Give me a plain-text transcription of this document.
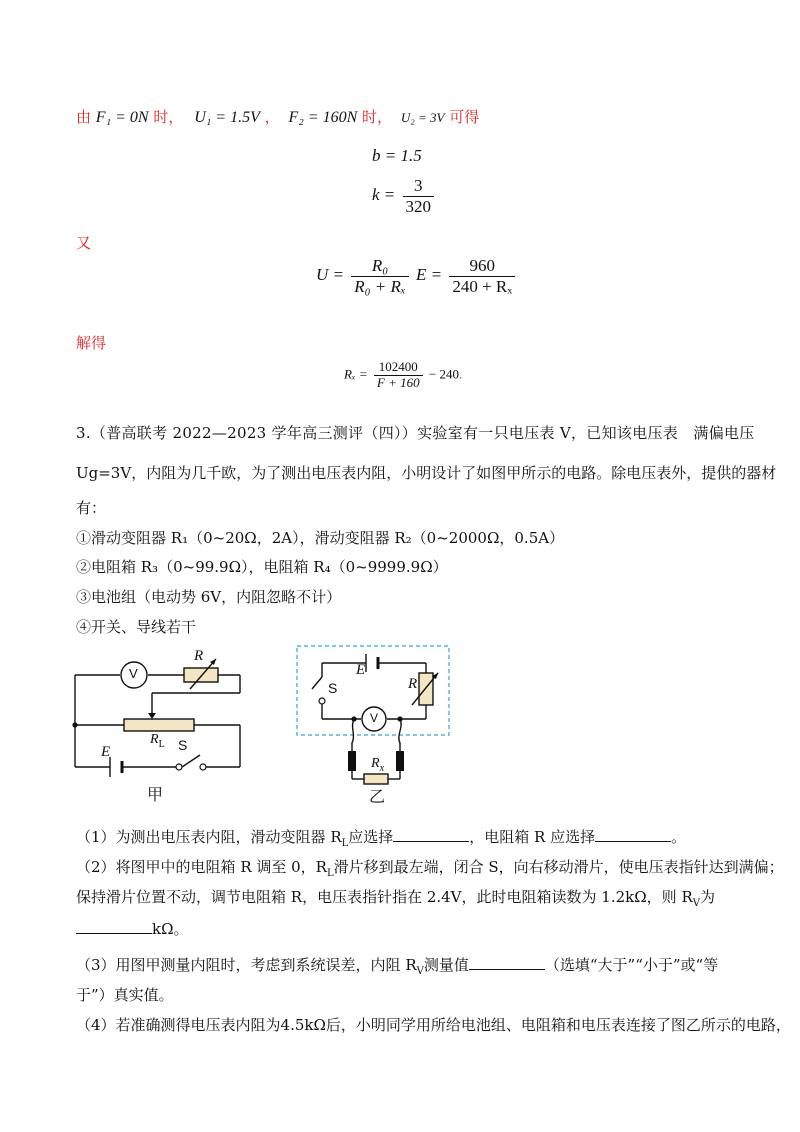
由 F₁ = 0N 时， U₁ = 1.5V ， F₂ = 160N 时， U₂ = 3V 可得
b = 1.5
$k = \frac{3}{320}$
又
$U = \frac{\text{R₀}}{\text{R₀ + Rₓ}}$ $E = \frac{960}{\text{240 + Rₓ}}$
解得
$R_x = \frac{102400}{F + 160} - 240$.
3.（普高联考 2022—2023 学年高三测评（四））实验室有一只电压表 V，已知该电压表　满偏电压
Ug=3V，内阻为几千欧，为了测出电压表内阻，小明设计了如图甲所示的电路。除电压表外，提供的器材
有：
①滑动变阻器 R₁（0~20Ω，2A），滑动变阻器 R₂（0~2000Ω，0.5A）
②电阻箱 R₃（0~99.9Ω），电阻箱 R₄（0~9999.9Ω）
③电池组（电动势 6V，内阻忽略不计）
④开关、导线若干
V
R
$R_L$ S
E
甲
E
S	R
V
$R_x$
乙
（1）为测出电压表内阻，滑动变阻器 $R_L$应选择	，电阻箱 R 应选择	。
（2）将图甲中的电阻箱 R 调至 0，$R_L$滑片移到最左端，闭合 S，向右移动滑片，使电压表指针达到满偏；
保持滑片位置不动，调节电阻箱 R，电压表指针指在 2.4V，此时电阻箱读数为 1.2kΩ，则 $R_V$为
kΩ。
（3）用图甲测量内阻时，考虑到系统误差，内阻 $R_V$测量值	（选填“大于”“小于”或“等
于”）真实值。
（4）若准确测得电压表内阻为4.5kΩ后，小明同学用所给电池组、电阻箱和电压表连接了图乙所示的电路，
